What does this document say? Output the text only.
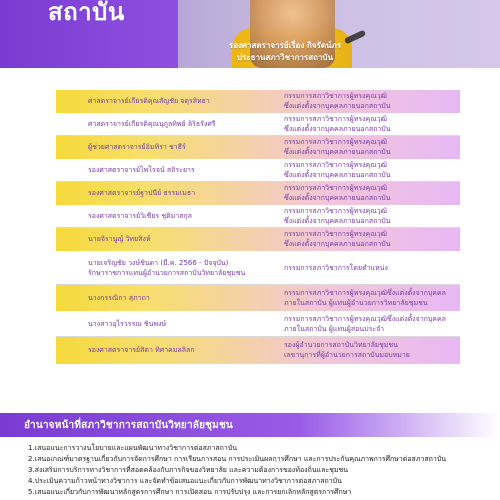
สถาบัน
รองศาสตราจารย์เรื่อง กิจรัตน์ภร
ประธานสภาวิชาการสถาบัน
ศาสตราจารย์เกียรติคุณสัญชัย จตุรสิทธา
กรรมการสภาวิชาการผู้ทรงคุณวุฒิ
ซึ่งแต่งตั้งจากบุคคลภายนอกสถาบัน
ศาสตราจารย์เกียรติคุณนุกูลทิพย์ ลิริธรังศรี
กรรมการสภาวิชาการผู้ทรงคุณวุฒิ
ซึ่งแต่งตั้งจากบุคคลภายนอกสถาบัน
ผู้ช่วยศาสตราจารย์อิมทิรา ชาธีร์
กรรมการสภาวิชาการผู้ทรงคุณวุฒิ
ซึ่งแต่งตั้งจากบุคคลภายนอกสถาบัน
รองศาสตราจารย์ไพโรจน์ สถิระยาร
กรรมการสภาวิชาการผู้ทรงคุณวุฒิ
ซึ่งแต่งตั้งจากบุคคลภายนอกสถาบัน
รองศาสตราจารย์ฐาปนีย์ ธรรมเมธา
กรรมการสภาวิชาการผู้ทรงคุณวุฒิ
ซึ่งแต่งตั้งจากบุคคลภายนอกสถาบัน
รองศาสตราจารย์วิเชียร ชุติมาสกุล
กรรมการสภาวิชาการผู้ทรงคุณวุฒิ
ซึ่งแต่งตั้งจากบุคคลภายนอกสถาบัน
นายจิรานูญ์ วิทยสิงห์
กรรมการสภาวิชาการผู้ทรงคุณวุฒิ
ซึ่งแต่งตั้งจากบุคคลภายนอกสถาบัน
นายเจริญชัย วงษ์ชินดา (มี.ค. 2566 - ปัจจุบัน)
รักษาราชการแทนผู้อำนวยการสถาบันวิทยาลัยชุมชน
กรรมการสภาวิชาการโดยตำแหน่ง
นางกรรณิกา สุภาถา
กรรมการสภาวิชาการผู้ทรงคุณวุฒิซึ่งแต่งตั้งจากบุคคล
ภายในสถาบัน ผู้แทนผู้อำนวยการวิทยาลัยชุมชน
นางสาวอุไรวรรณ ชินพงษ์
กรรมการสภาวิชาการผู้ทรงคุณวุฒิซึ่งแต่งตั้งจากบุคคล
ภายในสถาบัน ผู้แทนผู้สอนประจำ
รองศาสตราจารย์สิตา ทิศาคมลลิลก
รองผู้อำนวยการสถาบันวิทยาลัยชุมชน
เลขานุการที่ผู้อำนวยการสถาบันมอบหมาย
อำนาจหน้าที่สภาวิชาการสถาบันวิทยาลัยชุมชน
1.เสนอแนะการวางนโยบายและแผนพัฒนาทางวิชาการต่อสภาสถาบัน
2.เสนอเกณฑ์มาตรฐานเกี่ยวกับการจัดการศึกษา การเรียนการสอน การประเมินผลการศึกษา และการประกันคุณภาพการศึกษาต่อสภาสถาบัน
3.ส่งเสริมการบริการทางวิชาการที่สอดคล้องกับภารกิจของวิทยาลัย และความต้องการของท้องถิ่นและชุมชน
4.ประเมินความก้าวหน้าทางวิชาการ และจัดทำข้อเสนอแนะเกี่ยวกับการพัฒนาทางวิชาการต่อสภาสถาบัน
5.เสนอแนะเกี่ยวกับการพัฒนาหลักสูตรการศึกษา การเปิดสอน การปรับปรุง และการยกเลิกหลักสูตรการศึกษา
